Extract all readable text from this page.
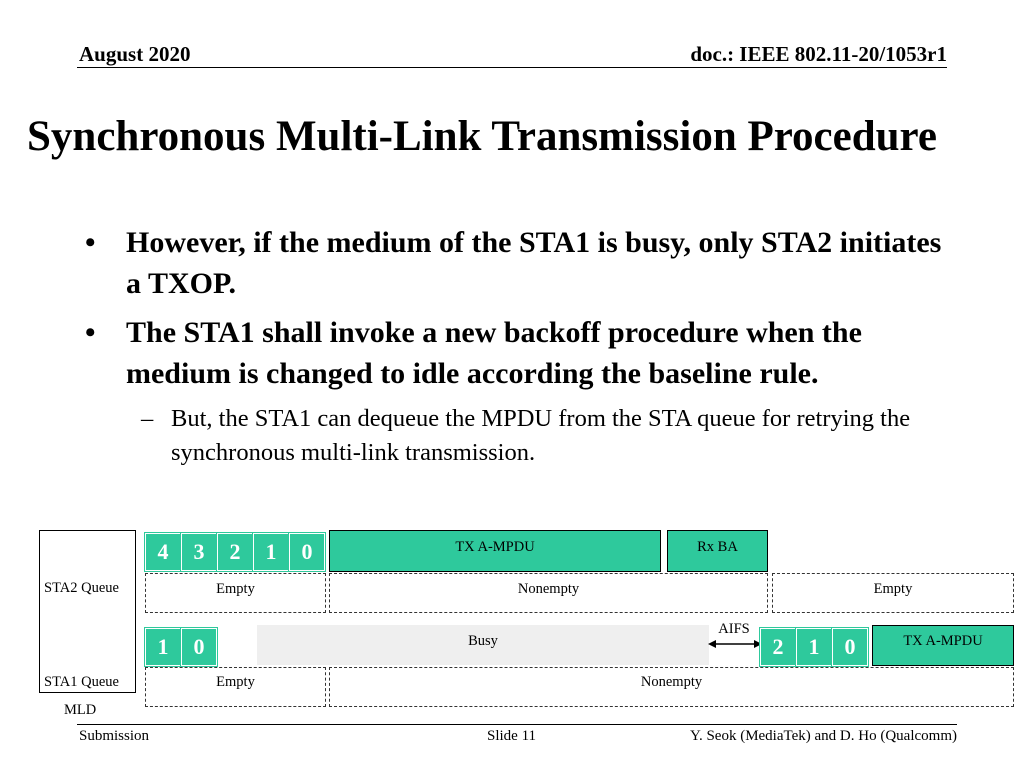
August 2020	doc.: IEEE 802.11-20/1053r1
Synchronous Multi-Link Transmission Procedure
• However, if the medium of the STA1 is busy, only STA2 initiates a TXOP.
• The STA1 shall invoke a new backoff procedure when the medium is changed to idle according the baseline rule.
– But, the STA1 can dequeue the MPDU from the STA queue for retrying the synchronous multi-link transmission.
STA2 Queue
STA1 Queue
MLD
4	3	2	1	0	TX A-MPDU	Rx BA
Empty	Nonempty	Empty
1	0	Busy
AIFS
2	1	0	TX A-MPDU
Empty	Nonempty
Submission	Slide 11	Y. Seok (MediaTek) and D. Ho (Qualcomm)
